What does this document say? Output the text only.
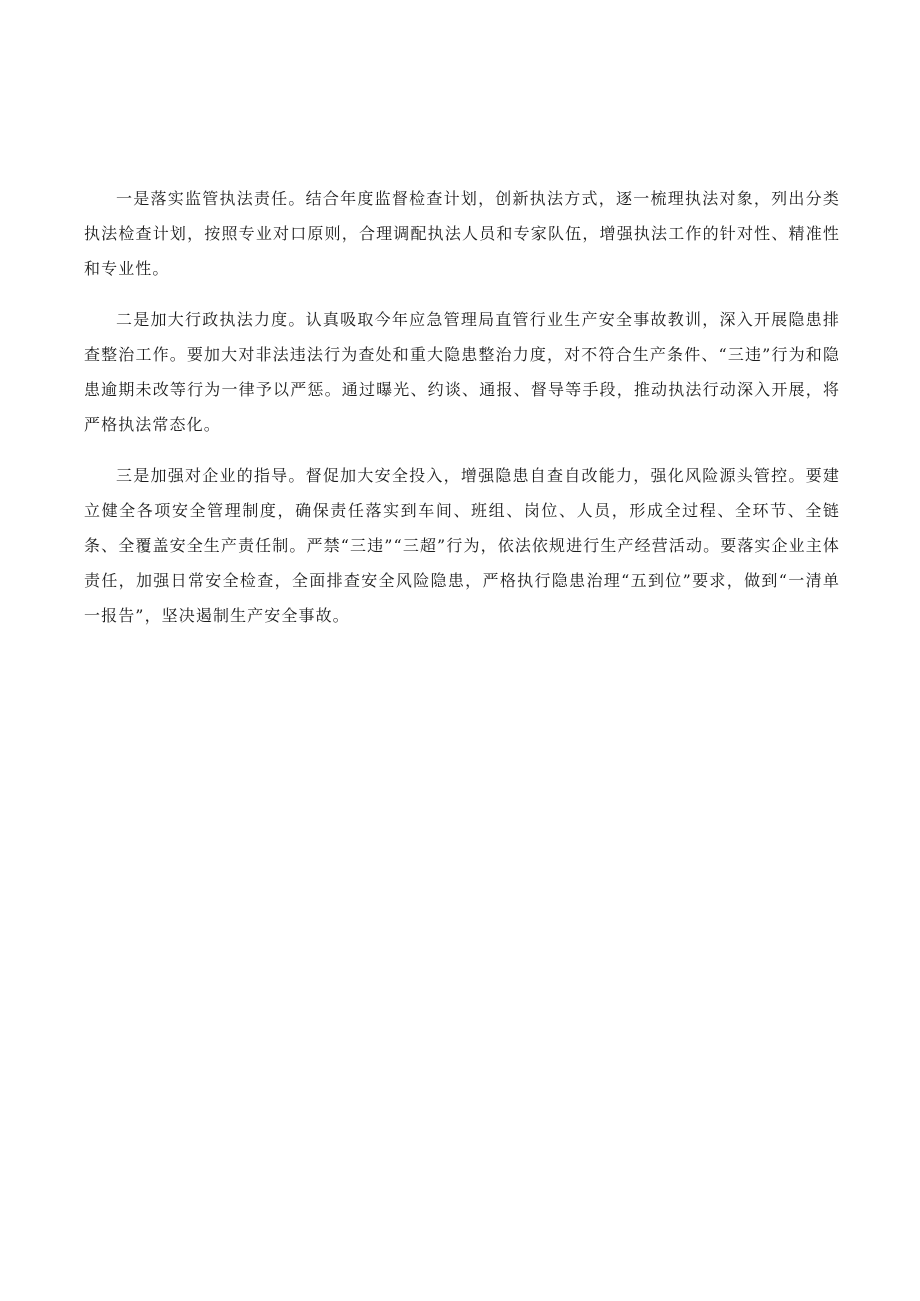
一是落实监管执法责任。结合年度监督检查计划，创新执法方式，逐一梳理执法对象，列出分类执法检查计划，按照专业对口原则，合理调配执法人员和专家队伍，增强执法工作的针对性、精准性和专业性。

二是加大行政执法力度。认真吸取今年应急管理局直管行业生产安全事故教训，深入开展隐患排查整治工作。要加大对非法违法行为查处和重大隐患整治力度，对不符合生产条件、“三违”行为和隐患逾期未改等行为一律予以严惩。通过曝光、约谈、通报、督导等手段，推动执法行动深入开展，将严格执法常态化。

三是加强对企业的指导。督促加大安全投入，增强隐患自查自改能力，强化风险源头管控。要建立健全各项安全管理制度，确保责任落实到车间、班组、岗位、人员，形成全过程、全环节、全链条、全覆盖安全生产责任制。严禁“三违”“三超”行为，依法依规进行生产经营活动。要落实企业主体责任，加强日常安全检查，全面排查安全风险隐患，严格执行隐患治理“五到位”要求，做到“一清单一报告”，坚决遏制生产安全事故。
